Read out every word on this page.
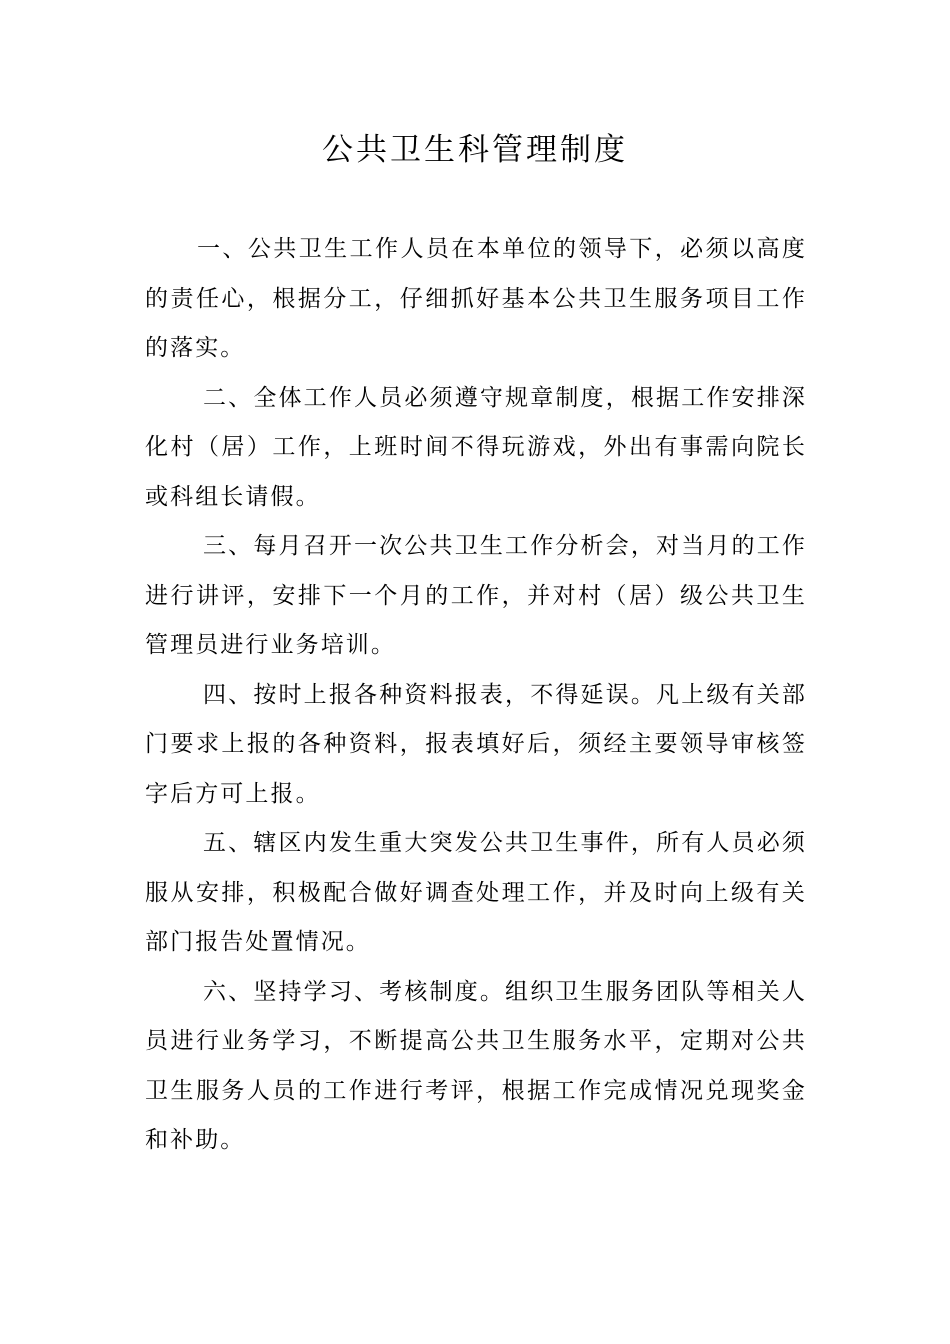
公共卫生科管理制度

一、公共卫生工作人员在本单位的领导下，必须以高度的责任心，根据分工，仔细抓好基本公共卫生服务项目工作的落实。

二、全体工作人员必须遵守规章制度，根据工作安排深化村（居）工作，上班时间不得玩游戏，外出有事需向院长或科组长请假。

三、每月召开一次公共卫生工作分析会，对当月的工作进行讲评，安排下一个月的工作，并对村（居）级公共卫生管理员进行业务培训。

四、按时上报各种资料报表，不得延误。凡上级有关部门要求上报的各种资料，报表填好后，须经主要领导审核签字后方可上报。

五、辖区内发生重大突发公共卫生事件，所有人员必须服从安排，积极配合做好调查处理工作，并及时向上级有关部门报告处置情况。

六、坚持学习、考核制度。组织卫生服务团队等相关人员进行业务学习，不断提高公共卫生服务水平，定期对公共卫生服务人员的工作进行考评，根据工作完成情况兑现奖金和补助。
